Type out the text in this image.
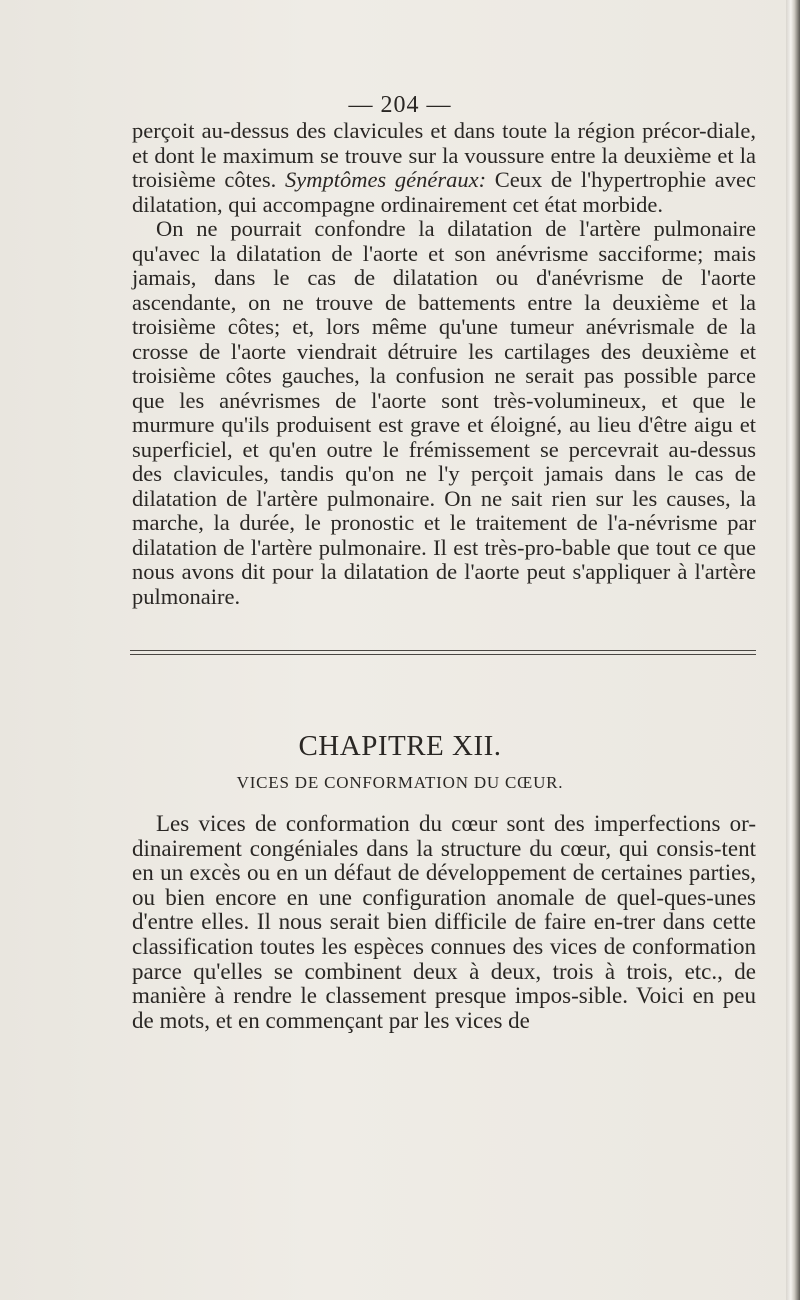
— 204 —

perçoit au-dessus des clavicules et dans toute la région précor-diale, et dont le maximum se trouve sur la voussure entre la deuxième et la troisième côtes. Symptômes généraux: Ceux de l'hypertrophie avec dilatation, qui accompagne ordinairement cet état morbide.

On ne pourrait confondre la dilatation de l'artère pulmonaire qu'avec la dilatation de l'aorte et son anévrisme sacciforme; mais jamais, dans le cas de dilatation ou d'anévrisme de l'aorte ascendante, on ne trouve de battements entre la deuxième et la troisième côtes; et, lors même qu'une tumeur anévrismale de la crosse de l'aorte viendrait détruire les cartilages des deuxième et troisième côtes gauches, la confusion ne serait pas possible parce que les anévrismes de l'aorte sont très-volumineux, et que le murmure qu'ils produisent est grave et éloigné, au lieu d'être aigu et superficiel, et qu'en outre le frémissement se percevrait au-dessus des clavicules, tandis qu'on ne l'y perçoit jamais dans le cas de dilatation de l'artère pulmonaire. On ne sait rien sur les causes, la marche, la durée, le pronostic et le traitement de l'a-névrisme par dilatation de l'artère pulmonaire. Il est très-pro-bable que tout ce que nous avons dit pour la dilatation de l'aorte peut s'appliquer à l'artère pulmonaire.

CHAPITRE XII.
VICES DE CONFORMATION DU CŒUR.

Les vices de conformation du cœur sont des imperfections or-dinairement congéniales dans la structure du cœur, qui consis-tent en un excès ou en un défaut de développement de certaines parties, ou bien encore en une configuration anomale de quel-ques-unes d'entre elles. Il nous serait bien difficile de faire en-trer dans cette classification toutes les espèces connues des vices de conformation parce qu'elles se combinent deux à deux, trois à trois, etc., de manière à rendre le classement presque impos-sible. Voici en peu de mots, et en commençant par les vices de
